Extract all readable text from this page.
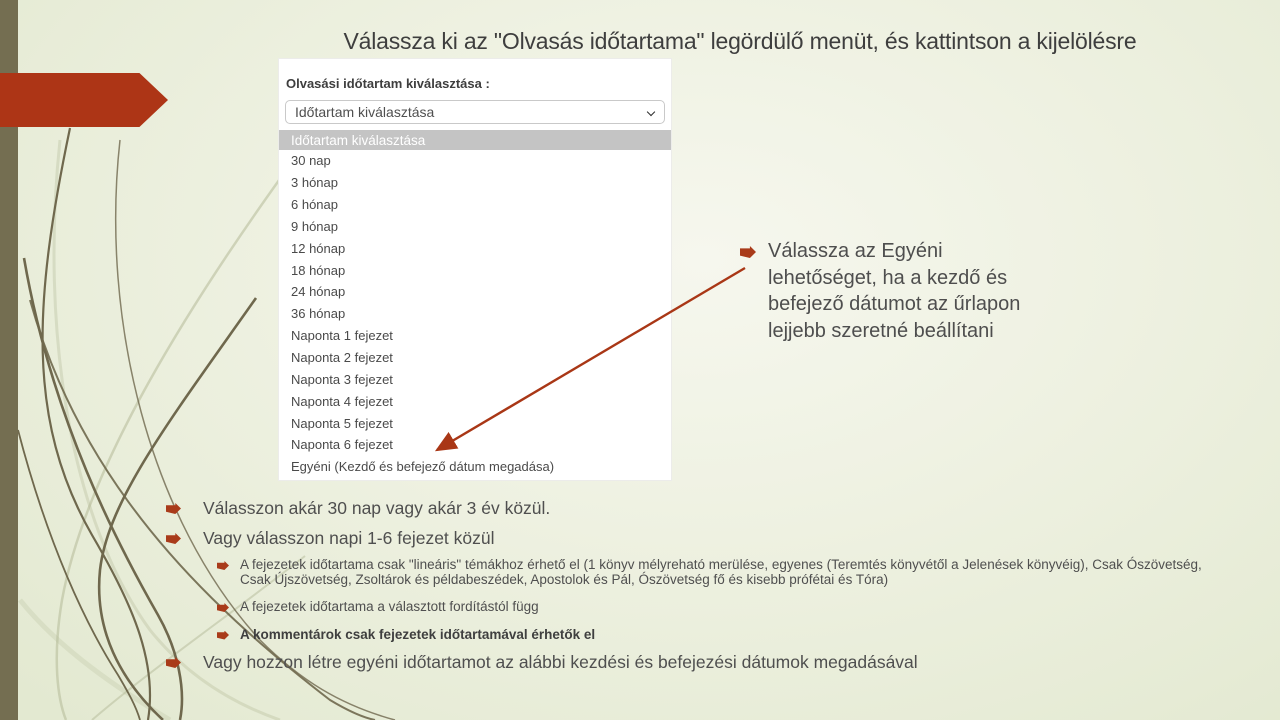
Válassza ki az "Olvasás időtartama" legördülő menüt, és kattintson a kijelölésre
Olvasási időtartam kiválasztása :
Időtartam kiválasztása
Időtartam kiválasztása
30 nap
3 hónap
6 hónap
9 hónap
12 hónap
18 hónap
24 hónap
36 hónap
Naponta 1 fejezet
Naponta 2 fejezet
Naponta 3 fejezet
Naponta 4 fejezet
Naponta 5 fejezet
Naponta 6 fejezet
Egyéni (Kezdő és befejező dátum megadása)
Válassza az Egyéni lehetőséget, ha a kezdő és befejező dátumot az űrlapon lejjebb szeretné beállítani
Válasszon akár 30 nap vagy akár 3 év közül.
Vagy válasszon napi 1-6 fejezet közül
A fejezetek időtartama csak "lineáris" témákhoz érhető el (1 könyv mélyreható merülése, egyenes (Teremtés könyvétől a Jelenések könyvéig), Csak Ószövetség, Csak Újszövetség, Zsoltárok és példabeszédek, Apostolok és Pál, Ószövetség fő és kisebb prófétai és Tóra)
A fejezetek időtartama a választott fordítástól függ
A kommentárok csak fejezetek időtartamával érhetők el
Vagy hozzon létre egyéni időtartamot az alábbi kezdési és befejezési dátumok megadásával
